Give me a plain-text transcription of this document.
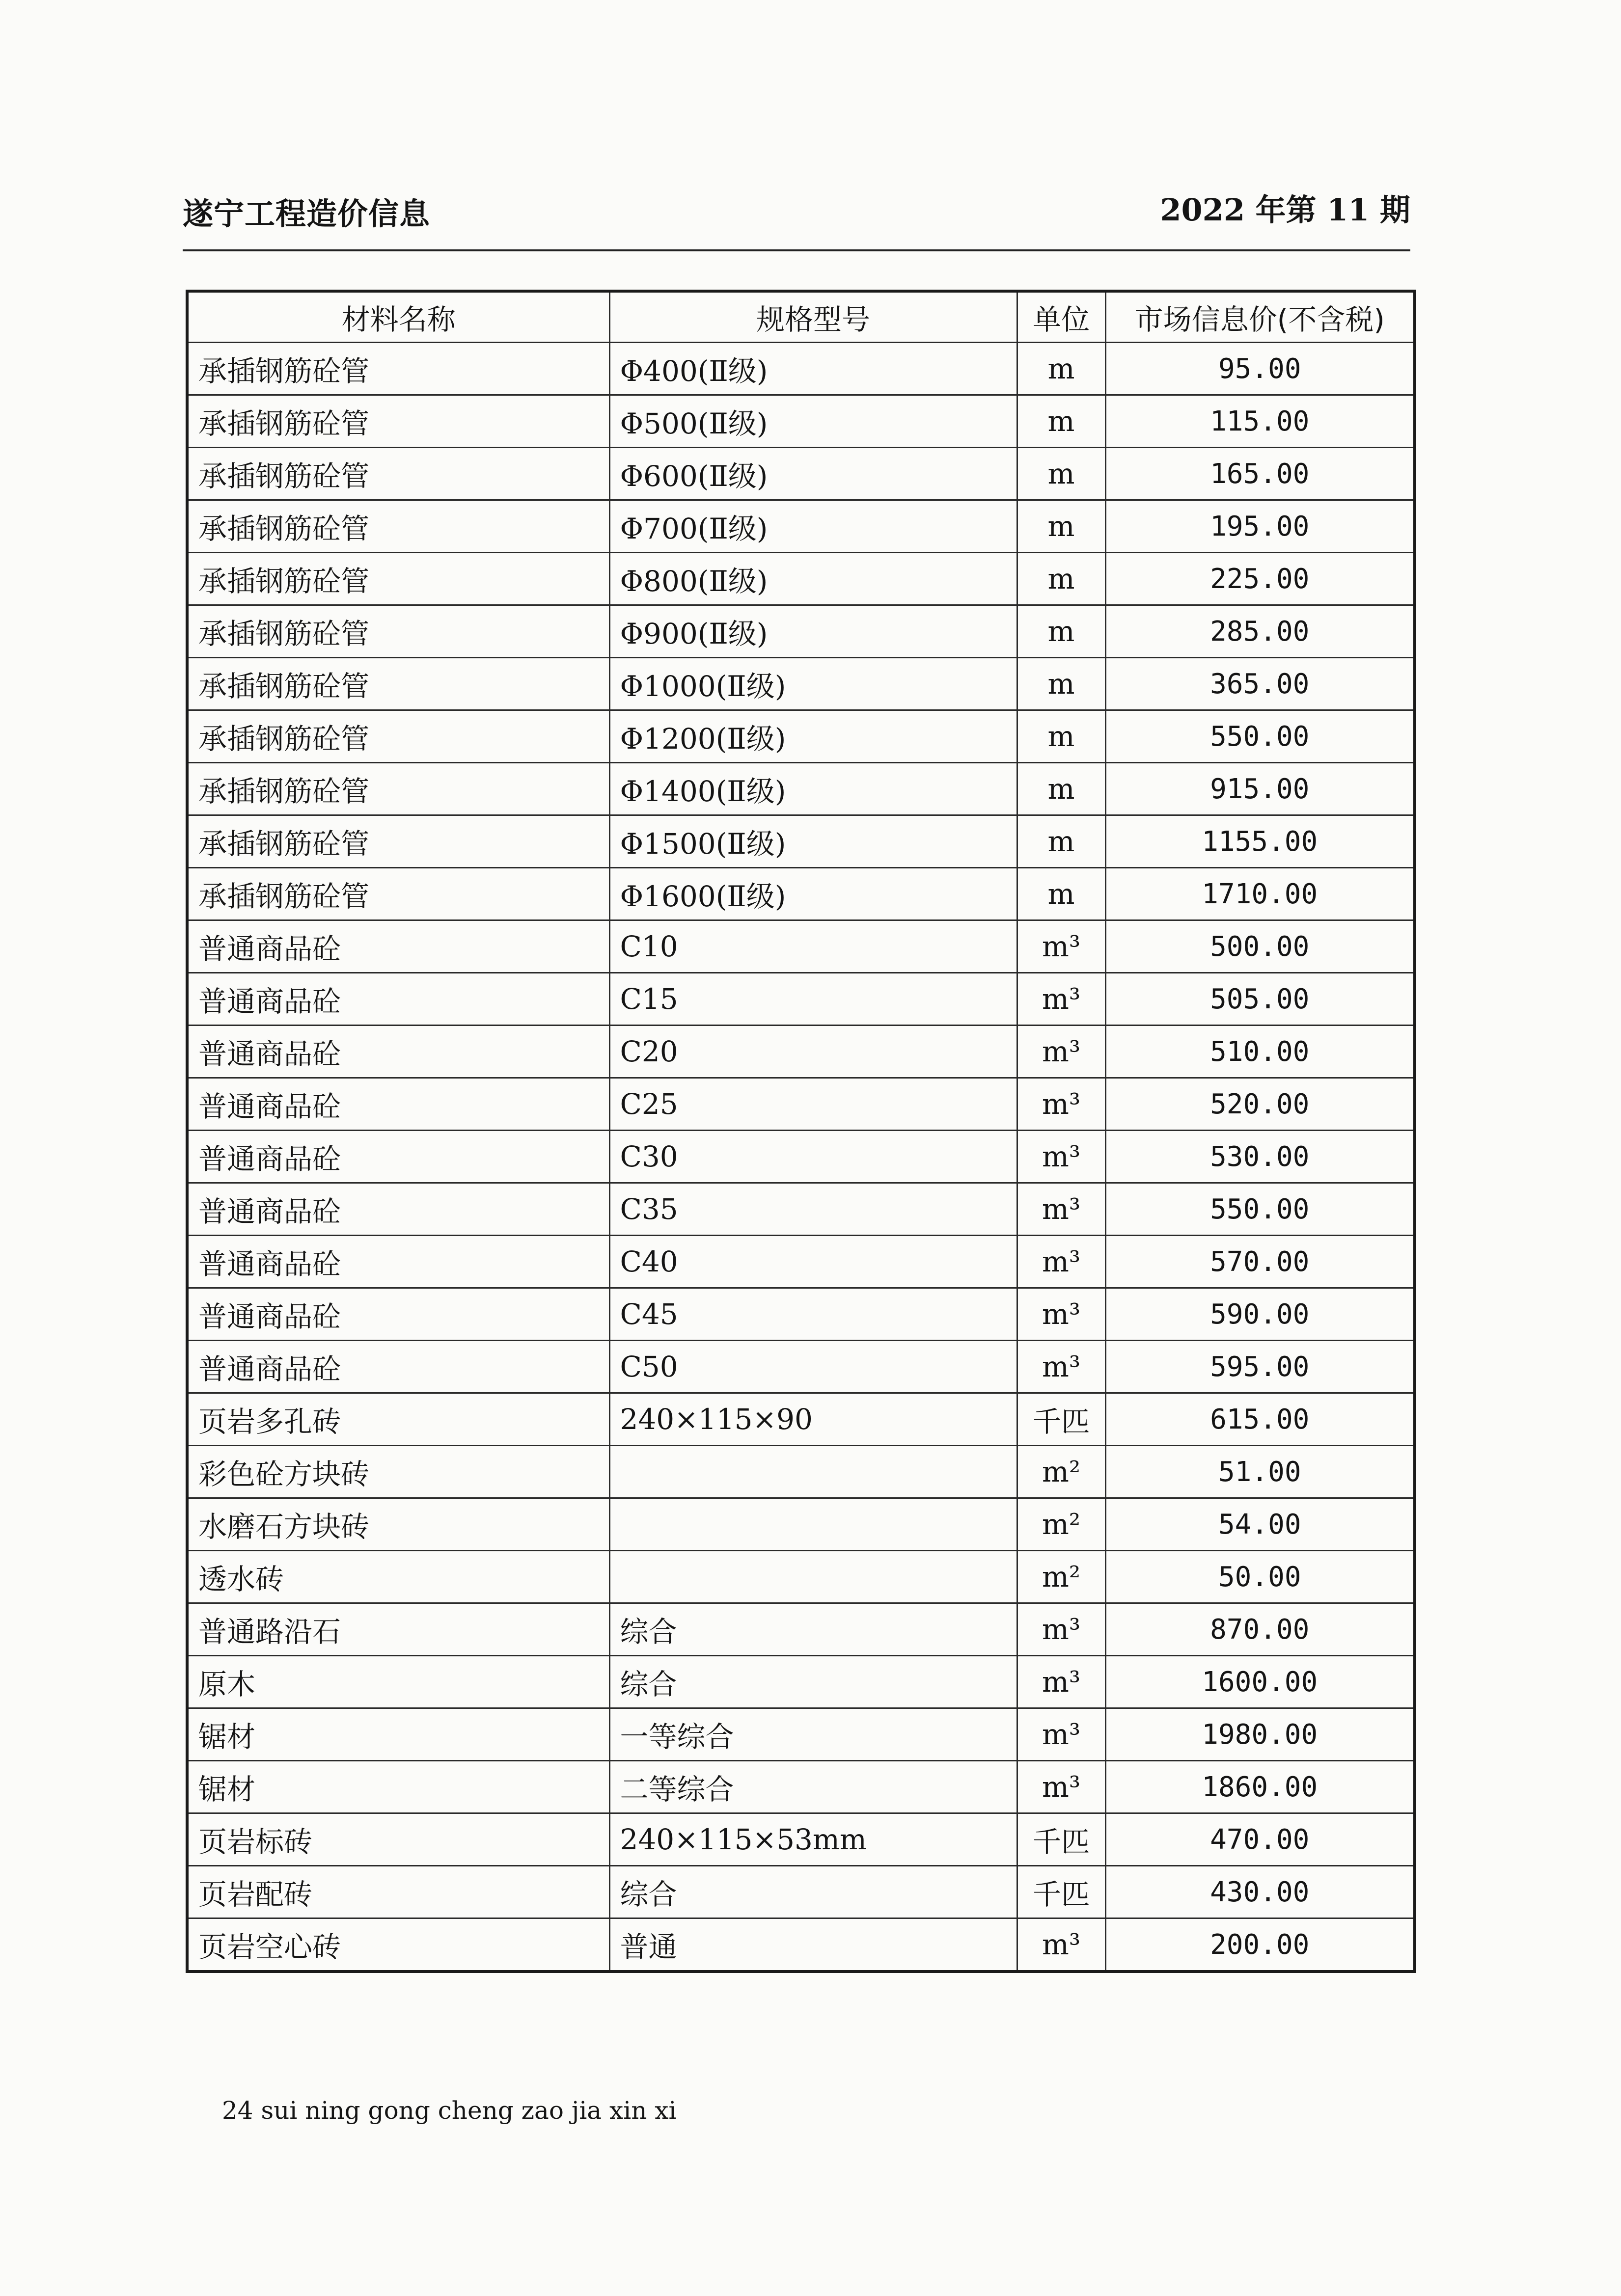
遂宁工程造价信息	2022 年第 11 期
材料名称	规格型号	单位	市场信息价(不含税)
承插钢筋砼管	Φ400(Ⅱ级)	m	95.00
承插钢筋砼管	Φ500(Ⅱ级)	m	115.00
承插钢筋砼管	Φ600(Ⅱ级)	m	165.00
承插钢筋砼管	Φ700(Ⅱ级)	m	195.00
承插钢筋砼管	Φ800(Ⅱ级)	m	225.00
承插钢筋砼管	Φ900(Ⅱ级)	m	285.00
承插钢筋砼管	Φ1000(Ⅱ级)	m	365.00
承插钢筋砼管	Φ1200(Ⅱ级)	m	550.00
承插钢筋砼管	Φ1400(Ⅱ级)	m	915.00
承插钢筋砼管	Φ1500(Ⅱ级)	m	1155.00
承插钢筋砼管	Φ1600(Ⅱ级)	m	1710.00
普通商品砼	C10	m³	500.00
普通商品砼	C15	m³	505.00
普通商品砼	C20	m³	510.00
普通商品砼	C25	m³	520.00
普通商品砼	C30	m³	530.00
普通商品砼	C35	m³	550.00
普通商品砼	C40	m³	570.00
普通商品砼	C45	m³	590.00
普通商品砼	C50	m³	595.00
页岩多孔砖	240×115×90	千匹	615.00
彩色砼方块砖		m²	51.00
水磨石方块砖		m²	54.00
透水砖		m²	50.00
普通路沿石	综合	m³	870.00
原木	综合	m³	1600.00
锯材	一等综合	m³	1980.00
锯材	二等综合	m³	1860.00
页岩标砖	240×115×53mm	千匹	470.00
页岩配砖	综合	千匹	430.00
页岩空心砖	普通	m³	200.00
24 sui ning gong cheng zao jia xin xi
